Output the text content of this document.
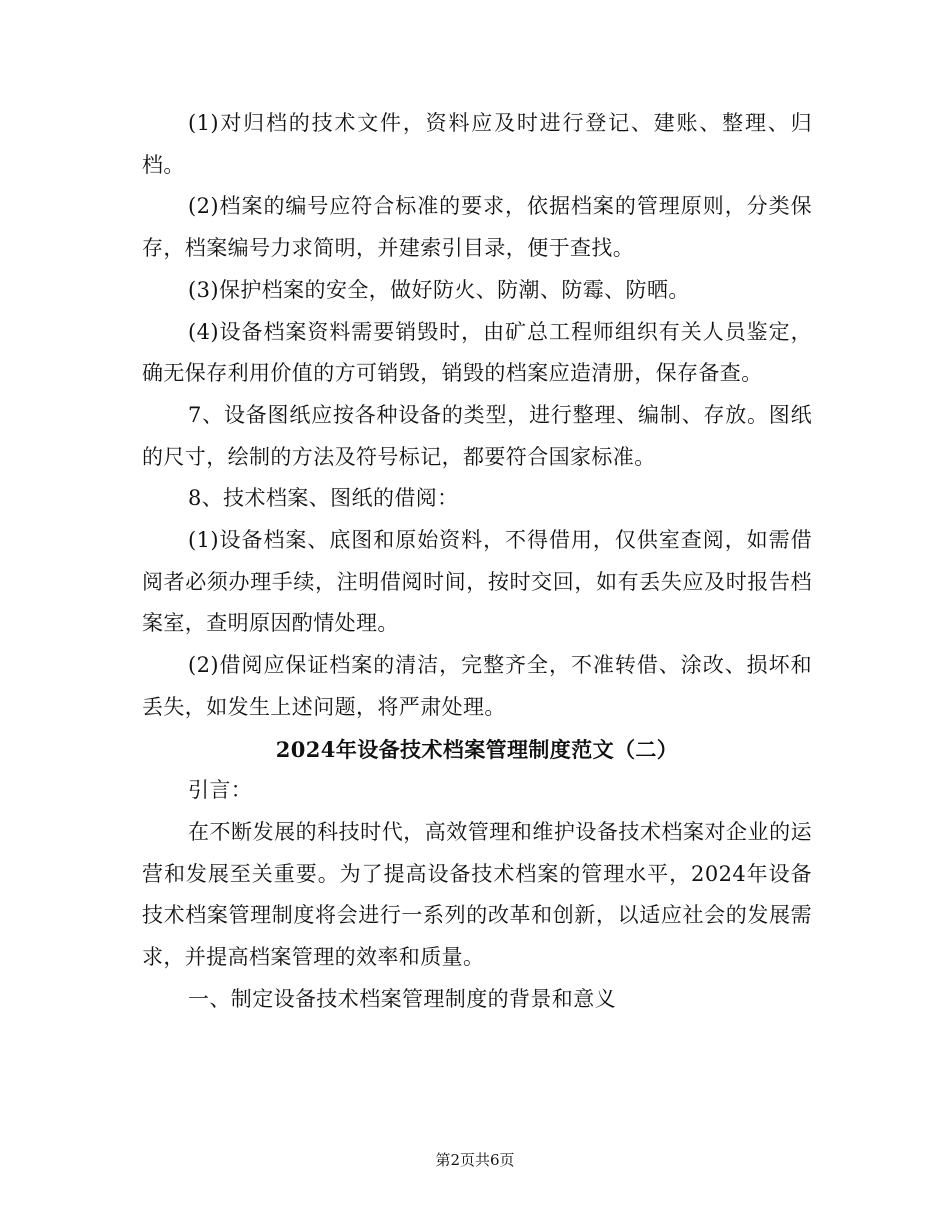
(1)对归档的技术文件，资料应及时进行登记、建账、整理、归档。

(2)档案的编号应符合标准的要求，依据档案的管理原则，分类保存，档案编号力求简明，并建索引目录，便于查找。

(3)保护档案的安全，做好防火、防潮、防霉、防晒。

(4)设备档案资料需要销毁时，由矿总工程师组织有关人员鉴定，确无保存利用价值的方可销毁，销毁的档案应造清册，保存备查。

7、设备图纸应按各种设备的类型，进行整理、编制、存放。图纸的尺寸，绘制的方法及符号标记，都要符合国家标准。

8、技术档案、图纸的借阅：

(1)设备档案、底图和原始资料，不得借用，仅供室查阅，如需借阅者必须办理手续，注明借阅时间，按时交回，如有丢失应及时报告档案室，查明原因酌情处理。

(2)借阅应保证档案的清洁，完整齐全，不准转借、涂改、损坏和丢失，如发生上述问题，将严肃处理。

2024年设备技术档案管理制度范文（二）

引言：

在不断发展的科技时代，高效管理和维护设备技术档案对企业的运营和发展至关重要。为了提高设备技术档案的管理水平，2024年设备技术档案管理制度将会进行一系列的改革和创新，以适应社会的发展需求，并提高档案管理的效率和质量。

一、制定设备技术档案管理制度的背景和意义

第2页共6页
